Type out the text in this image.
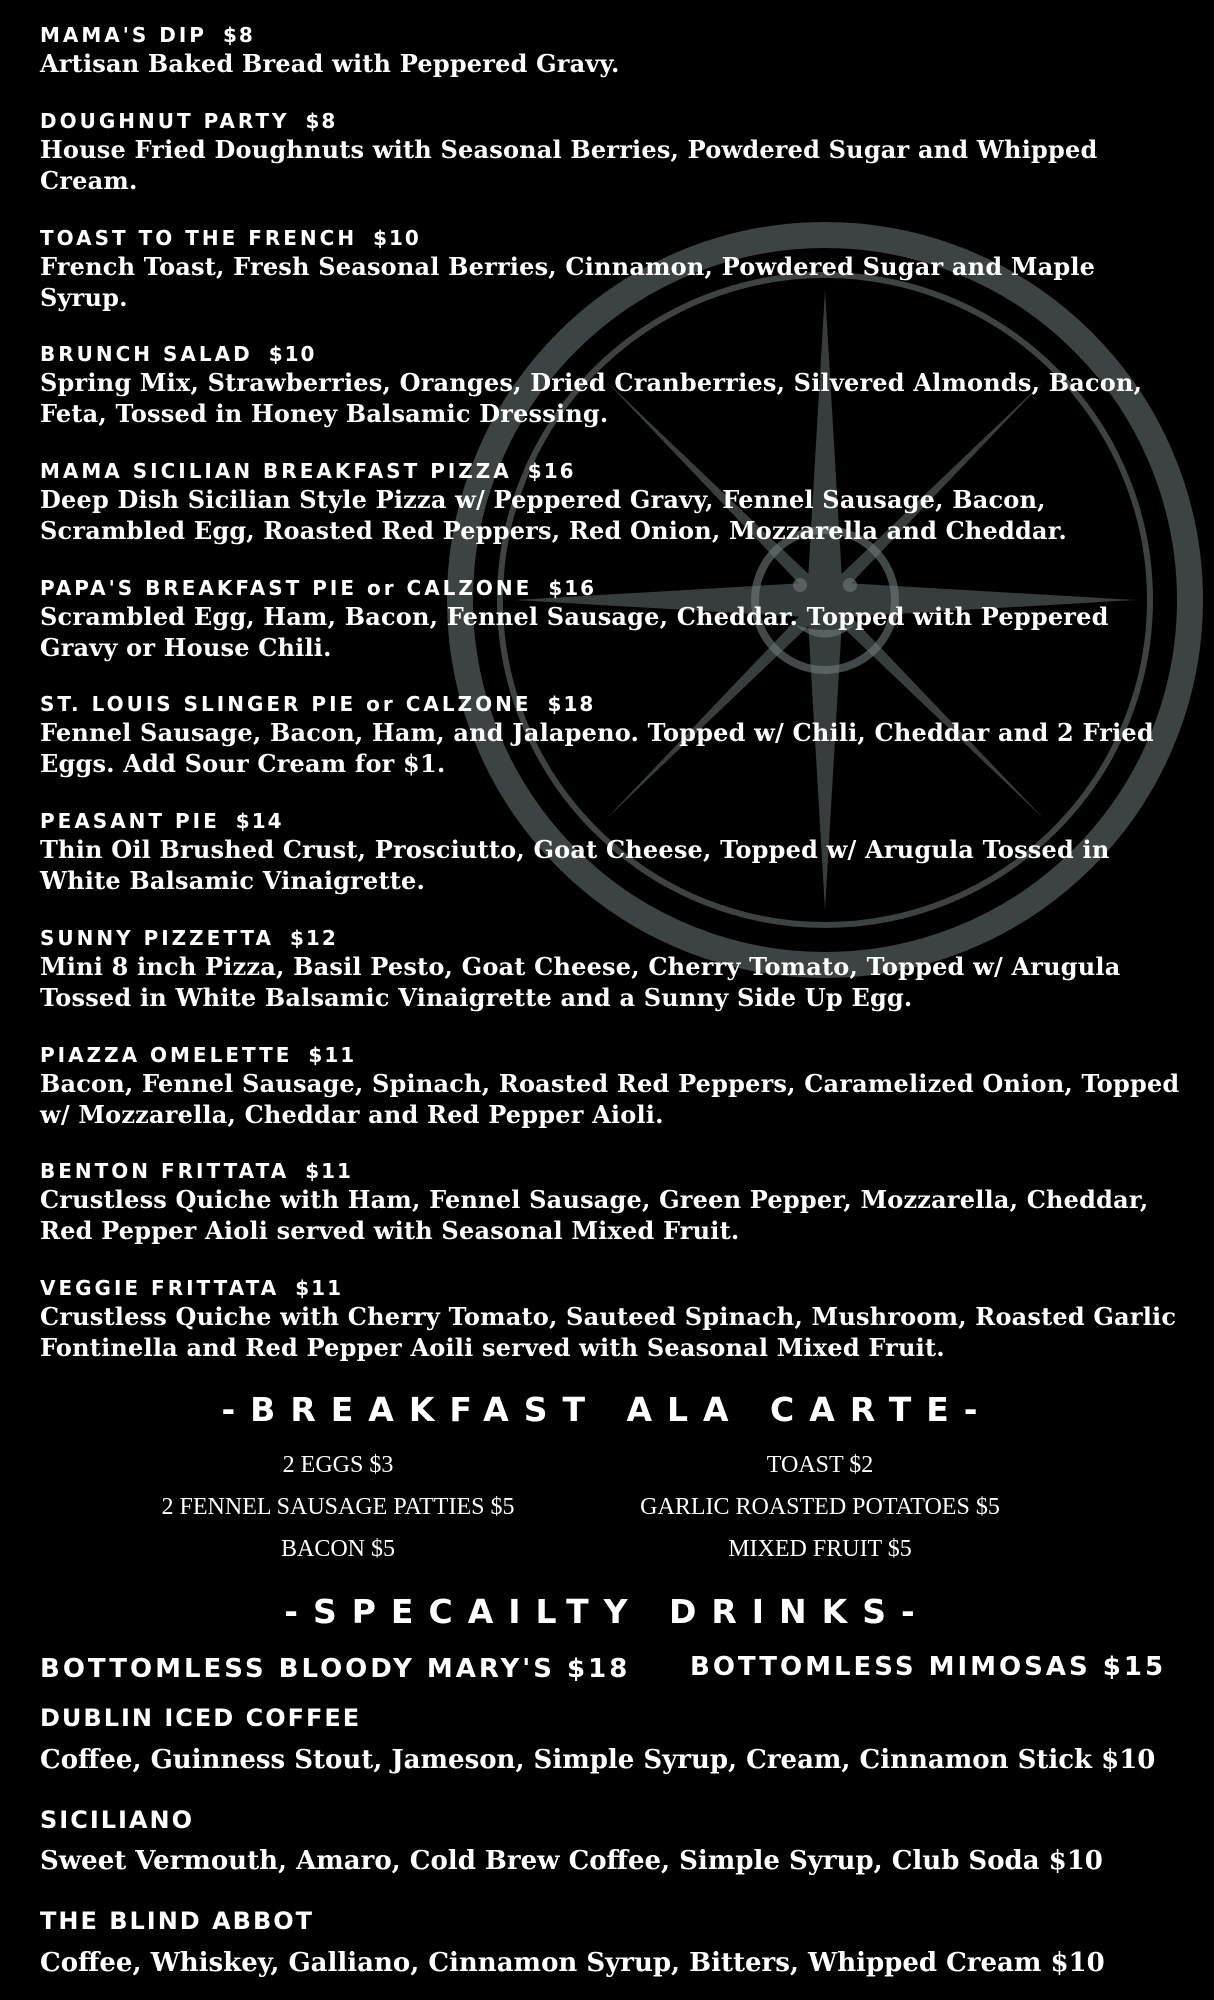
MAMA'S DIP $8
Artisan Baked Bread with Peppered Gravy.
DOUGHNUT PARTY $8
House Fried Doughnuts with Seasonal Berries, Powdered Sugar and Whipped Cream.
TOAST TO THE FRENCH $10
French Toast, Fresh Seasonal Berries, Cinnamon, Powdered Sugar and Maple Syrup.
BRUNCH SALAD $10
Spring Mix, Strawberries, Oranges, Dried Cranberries, Silvered Almonds, Bacon, Feta, Tossed in Honey Balsamic Dressing.
MAMA SICILIAN BREAKFAST PIZZA $16
Deep Dish Sicilian Style Pizza w/ Peppered Gravy, Fennel Sausage, Bacon, Scrambled Egg, Roasted Red Peppers, Red Onion, Mozzarella and Cheddar.
PAPA'S BREAKFAST PIE or CALZONE $16
Scrambled Egg, Ham, Bacon, Fennel Sausage, Cheddar. Topped with Peppered Gravy or House Chili.
ST. LOUIS SLINGER PIE or CALZONE $18
Fennel Sausage, Bacon, Ham, and Jalapeno. Topped w/ Chili, Cheddar and 2 Fried Eggs. Add Sour Cream for $1.
PEASANT PIE $14
Thin Oil Brushed Crust, Prosciutto, Goat Cheese, Topped w/ Arugula Tossed in White Balsamic Vinaigrette.
SUNNY PIZZETTA $12
Mini 8 inch Pizza, Basil Pesto, Goat Cheese, Cherry Tomato, Topped w/ Arugula Tossed in White Balsamic Vinaigrette and a Sunny Side Up Egg.
PIAZZA OMELETTE $11
Bacon, Fennel Sausage, Spinach, Roasted Red Peppers, Caramelized Onion, Topped w/ Mozzarella, Cheddar and Red Pepper Aioli.
BENTON FRITTATA $11
Crustless Quiche with Ham, Fennel Sausage, Green Pepper, Mozzarella, Cheddar, Red Pepper Aioli served with Seasonal Mixed Fruit.
VEGGIE FRITTATA $11
Crustless Quiche with Cherry Tomato, Sauteed Spinach, Mushroom, Roasted Garlic Fontinella and Red Pepper Aoili served with Seasonal Mixed Fruit.
-BREAKFAST ALA CARTE-
2 EGGS $3	TOAST $2
2 FENNEL SAUSAGE PATTIES $5	GARLIC ROASTED POTATOES $5
BACON $5	MIXED FRUIT $5
-SPECAILTY DRINKS-
BOTTOMLESS BLOODY MARY'S $18 BOTTOMLESS MIMOSAS $15
DUBLIN ICED COFFEE
Coffee, Guinness Stout, Jameson, Simple Syrup, Cream, Cinnamon Stick $10
SICILIANO
Sweet Vermouth, Amaro, Cold Brew Coffee, Simple Syrup, Club Soda $10
THE BLIND ABBOT
Coffee, Whiskey, Galliano, Cinnamon Syrup, Bitters, Whipped Cream $10
